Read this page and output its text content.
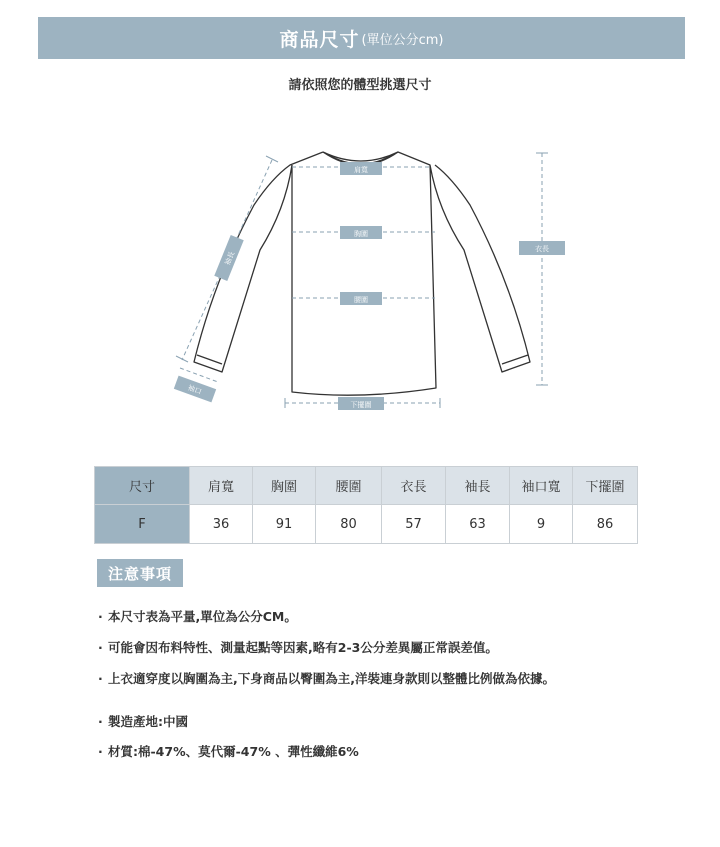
商品尺寸 (單位公分cm)
請依照您的體型挑選尺寸
肩寬
胸圍
腰圍
下擺圍
衣長
袖長
袖口
尺寸	肩寬	胸圍	腰圍	衣長	袖長	袖口寬	下擺圍
F	36	91	80	57	63	9	86
注意事項
· 本尺寸表為平量,單位為公分CM。
· 可能會因布料特性、測量起點等因素,略有2-3公分差異屬正常誤差值。
· 上衣適穿度以胸圍為主,下身商品以臀圍為主,洋裝連身款則以整體比例做為依據。
· 製造產地:中國
· 材質:棉-47%、莫代爾-47% 、彈性纖維6%
